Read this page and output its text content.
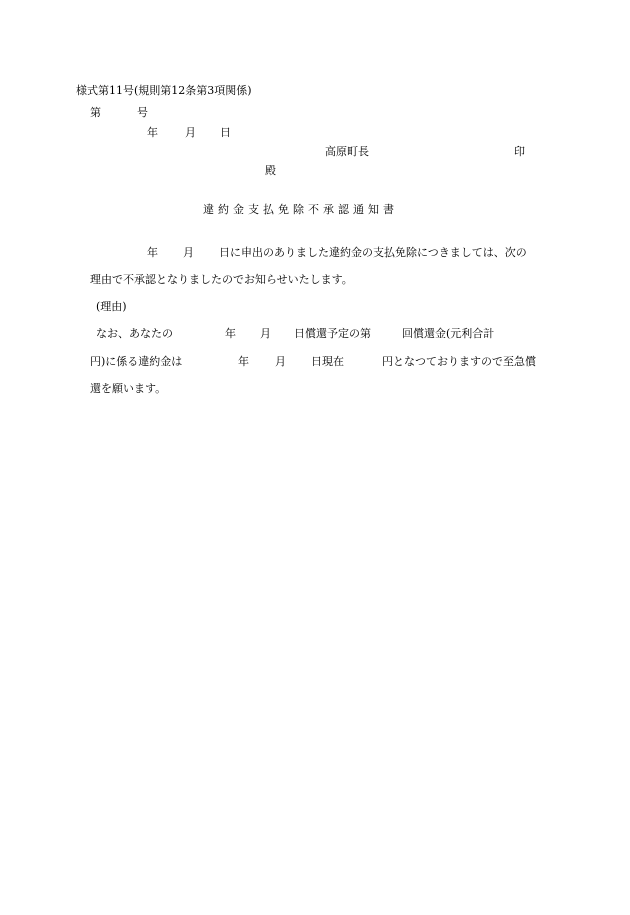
様式第11号(規則第12条第3項関係)
第	号
年 月 日
高原町長	印
殿
違約金支払免除不承認通知書
年 月 日に申出のありました違約金の支払免除につきましては、次の
理由で不承認となりましたのでお知らせいたします。
(理由)
なお、あなたの	年 月 日償還予定の第	回償還金(元利合計
円)に係る違約金は	年 月 日現在	円となつておりますので至急償
還を願います。
